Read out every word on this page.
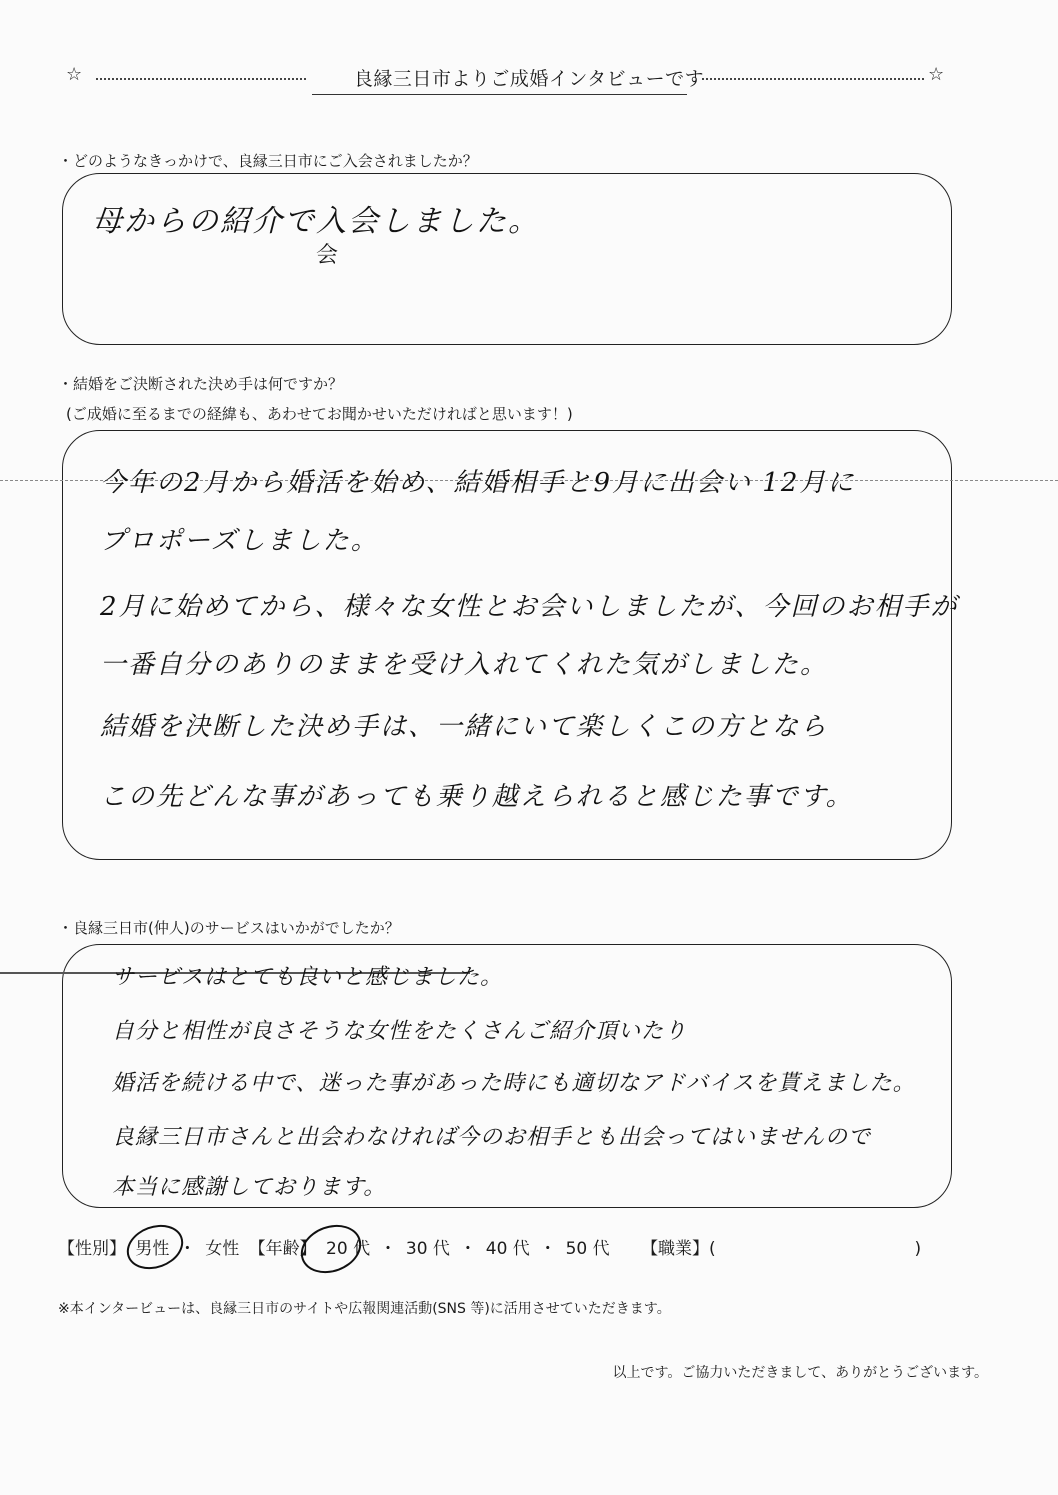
☆	良縁三日市よりご成婚インタビューです	☆
・どのようなきっかけで、良縁三日市にご入会されましたか？
母からの紹介で入会しました。
会
・結婚をご決断された決め手は何ですか？
(ご成婚に至るまでの経緯も、あわせてお聞かせいただければと思います！)
今年の2月から婚活を始め、結婚相手と9月に出会い 12月に
プロポーズしました。
2月に始めてから、様々な女性とお会いしましたが、今回のお相手が
一番自分のありのままを受け入れてくれた気がしました。
結婚を決断した決め手は、一緒にいて楽しくこの方となら
この先どんな事があっても乗り越えられると感じた事です。
・良縁三日市(仲人)のサービスはいかがでしたか？
サービスはとても良いと感じました。
自分と相性が良さそうな女性をたくさんご紹介頂いたり
婚活を続ける中で、迷った事があった時にも適切なアドバイスを貰えました。
良縁三日市さんと出会わなければ今のお相手とも出会ってはいませんので
本当に感謝しております。
【性別】 男性 ・ 女性 【年齢】 20 代 ・ 30 代 ・ 40 代 ・ 50 代 【職業】(	)
※本インタービューは、良縁三日市のサイトや広報関連活動(SNS 等)に活用させていただきます。
以上です。ご協力いただきまして、ありがとうございます。
